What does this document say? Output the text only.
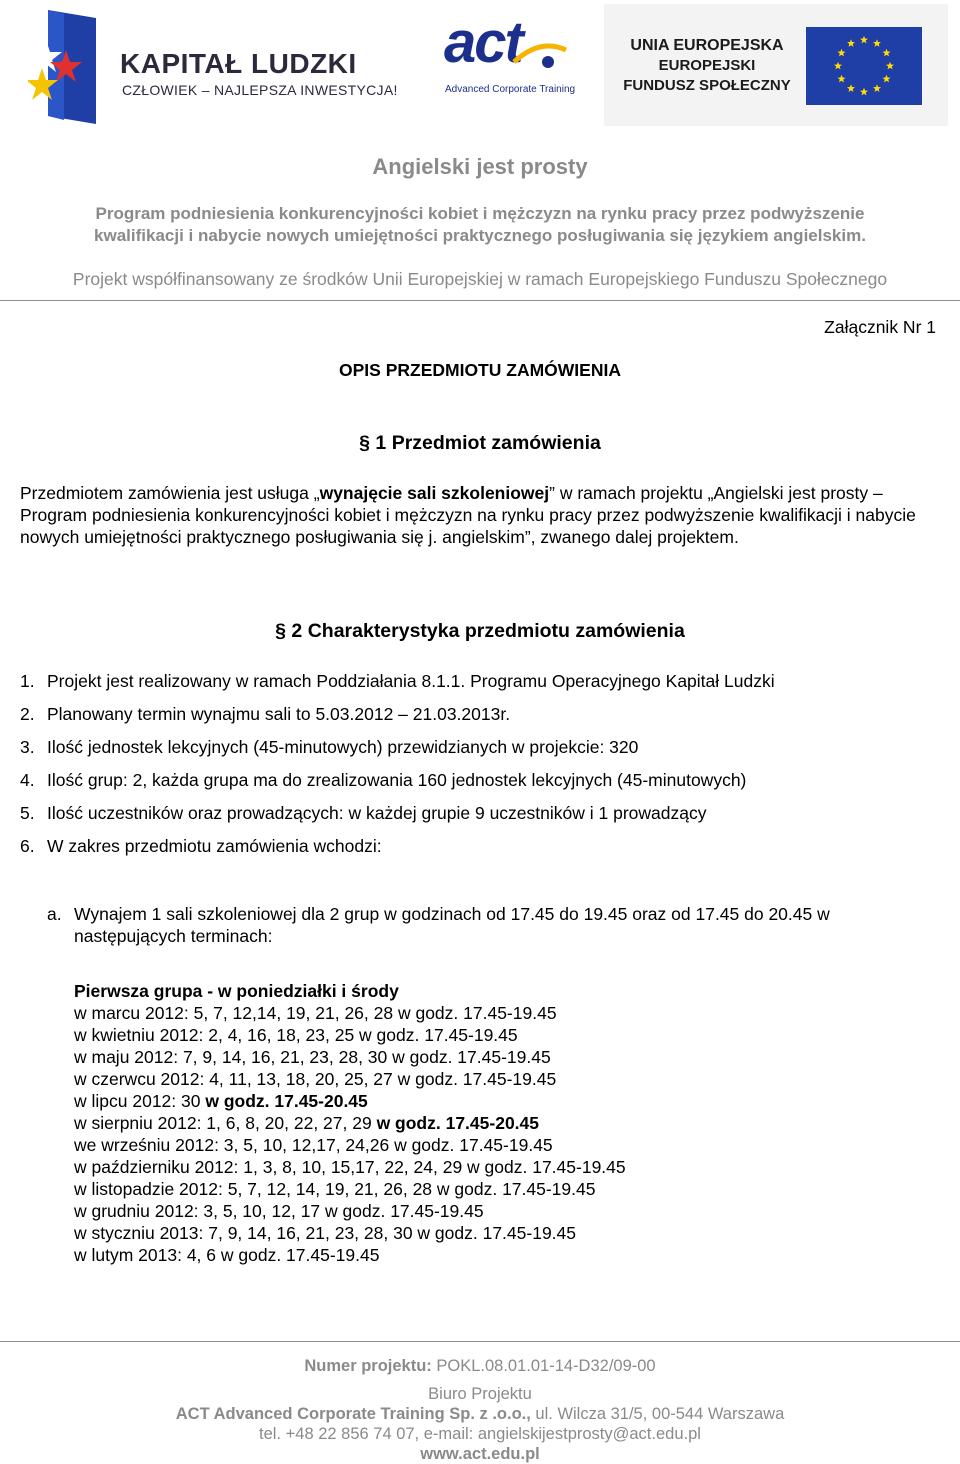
KAPITAŁ LUDZKI
CZŁOWIEK – NAJLEPSZA INWESTYCJA!
act
Advanced Corporate Training
UNIA EUROPEJSKA
EUROPEJSKI
FUNDUSZ SPOŁECZNY
Angielski jest prosty
Program podniesienia konkurencyjności kobiet i mężczyzn na rynku pracy przez podwyższenie
kwalifikacji i nabycie nowych umiejętności praktycznego posługiwania się językiem angielskim.
Projekt współfinansowany ze środków Unii Europejskiej w ramach Europejskiego Funduszu Społecznego
Załącznik Nr 1
OPIS PRZEDMIOTU ZAMÓWIENIA
§ 1 Przedmiot zamówienia
Przedmiotem zamówienia jest usługa „wynajęcie sali szkoleniowej” w ramach projektu „Angielski jest prosty – Program podniesienia konkurencyjności kobiet i mężczyzn na rynku pracy przez podwyższenie kwalifikacji i nabycie nowych umiejętności praktycznego posługiwania się j. angielskim”, zwanego dalej projektem.
§ 2 Charakterystyka przedmiotu zamówienia
1. Projekt jest realizowany w ramach Poddziałania 8.1.1. Programu Operacyjnego Kapitał Ludzki
2. Planowany termin wynajmu sali to 5.03.2012 – 21.03.2013r.
3. Ilość jednostek lekcyjnych (45-minutowych) przewidzianych w projekcie: 320
4. Ilość grup: 2, każda grupa ma do zrealizowania 160 jednostek lekcyjnych (45-minutowych)
5. Ilość uczestników oraz prowadzących: w każdej grupie 9 uczestników i 1 prowadzący
6. W zakres przedmiotu zamówienia wchodzi:
a. Wynajem 1 sali szkoleniowej dla 2 grup w godzinach od 17.45 do 19.45 oraz od 17.45 do 20.45 w następujących terminach:
Pierwsza grupa - w poniedziałki i środy
w marcu 2012: 5, 7, 12,14, 19, 21, 26, 28 w godz. 17.45-19.45
w kwietniu 2012: 2, 4, 16, 18, 23, 25 w godz. 17.45-19.45
w maju 2012: 7, 9, 14, 16, 21, 23, 28, 30 w godz. 17.45-19.45
w czerwcu 2012: 4, 11, 13, 18, 20, 25, 27 w godz. 17.45-19.45
w lipcu 2012: 30 w godz. 17.45-20.45
w sierpniu 2012: 1, 6, 8, 20, 22, 27, 29 w godz. 17.45-20.45
we wrześniu 2012: 3, 5, 10, 12,17, 24,26 w godz. 17.45-19.45
w październiku 2012: 1, 3, 8, 10, 15,17, 22, 24, 29 w godz. 17.45-19.45
w listopadzie 2012: 5, 7, 12, 14, 19, 21, 26, 28 w godz. 17.45-19.45
w grudniu 2012: 3, 5, 10, 12, 17 w godz. 17.45-19.45
w styczniu 2013: 7, 9, 14, 16, 21, 23, 28, 30 w godz. 17.45-19.45
w lutym 2013: 4, 6 w godz. 17.45-19.45
Numer projektu: POKL.08.01.01-14-D32/09-00
Biuro Projektu
ACT Advanced Corporate Training Sp. z .o.o., ul. Wilcza 31/5, 00-544 Warszawa
tel. +48 22 856 74 07, e-mail: angielskijestprosty@act.edu.pl
www.act.edu.pl
